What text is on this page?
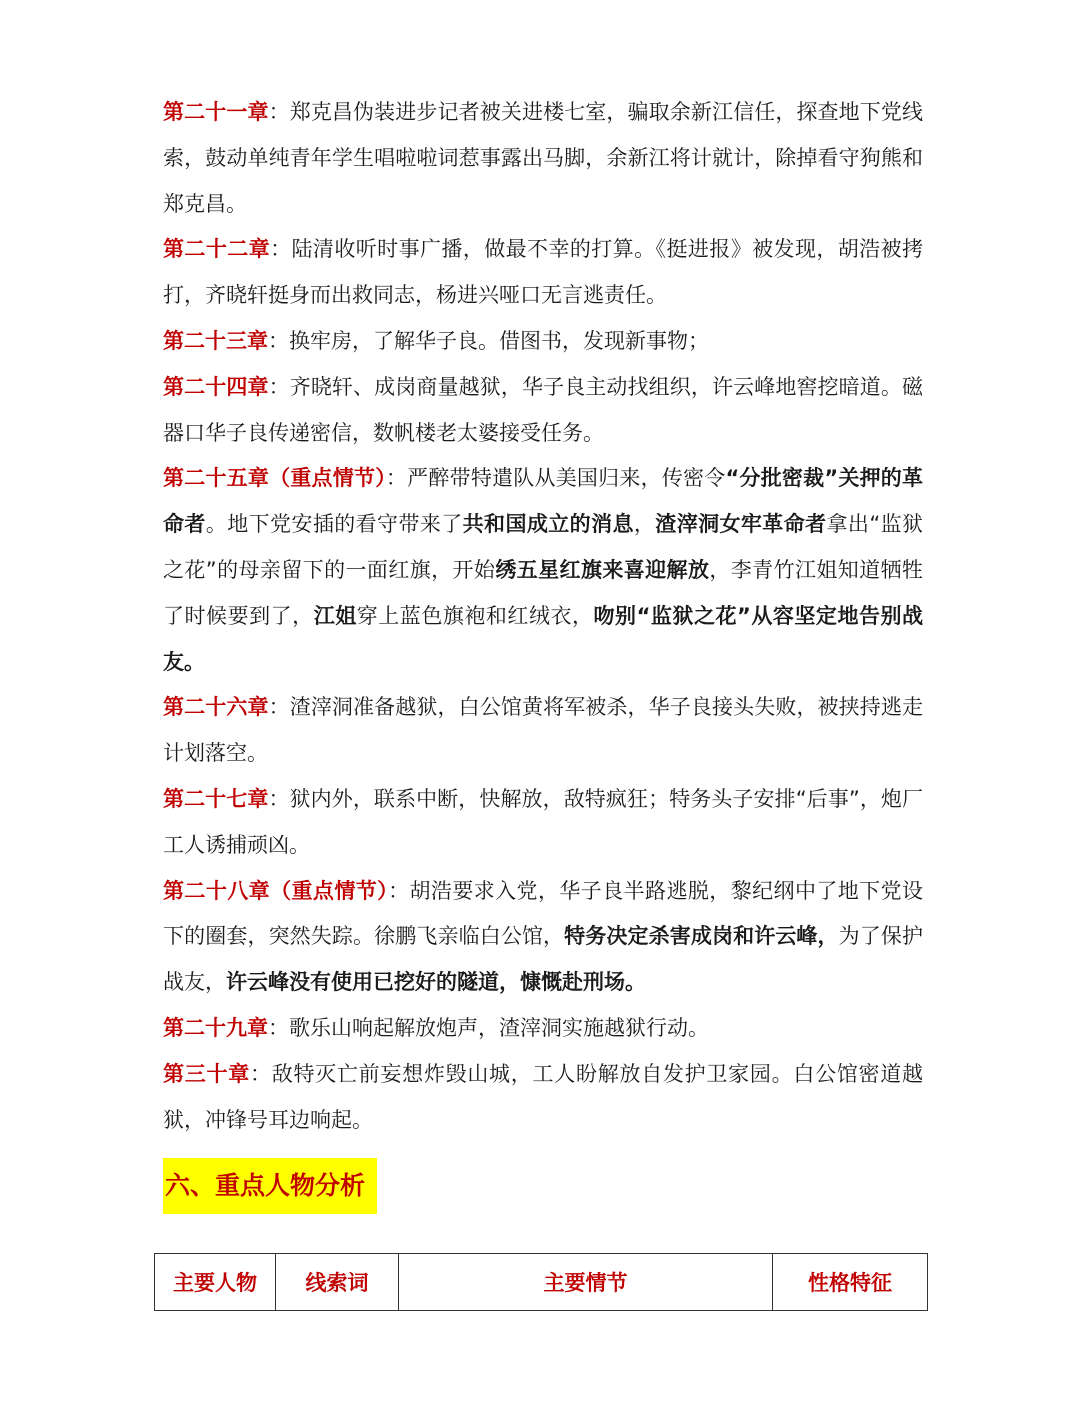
第二十一章：郑克昌伪装进步记者被关进楼七室，骗取余新江信任，探查地下党线索，鼓动单纯青年学生唱啦啦词惹事露出马脚，余新江将计就计，除掉看守狗熊和郑克昌。

第二十二章：陆清收听时事广播，做最不幸的打算。《挺进报》被发现，胡浩被拷打，齐晓轩挺身而出救同志，杨进兴哑口无言逃责任。

第二十三章：换牢房，了解华子良。借图书，发现新事物；

第二十四章：齐晓轩、成岗商量越狱，华子良主动找组织，许云峰地窖挖暗道。磁器口华子良传递密信，数帆楼老太婆接受任务。

第二十五章（重点情节）：严醉带特遣队从美国归来，传密令“分批密裁”关押的革命者。地下党安插的看守带来了共和国成立的消息，渣滓洞女牢革命者拿出“监狱之花”的母亲留下的一面红旗，开始绣五星红旗来喜迎解放，李青竹江姐知道牺牲了时候要到了，江姐穿上蓝色旗袍和红绒衣，吻别“监狱之花”从容坚定地告别战友。

第二十六章：渣滓洞准备越狱，白公馆黄将军被杀，华子良接头失败，被挟持逃走计划落空。

第二十七章：狱内外，联系中断，快解放，敌特疯狂；特务头子安排“后事”，炮厂工人诱捕顽凶。

第二十八章（重点情节）：胡浩要求入党，华子良半路逃脱，黎纪纲中了地下党设下的圈套，突然失踪。徐鹏飞亲临白公馆，特务决定杀害成岗和许云峰，为了保护战友，许云峰没有使用已挖好的隧道，慷慨赴刑场。

第二十九章：歌乐山响起解放炮声，渣滓洞实施越狱行动。

第三十章：敌特灭亡前妄想炸毁山城，工人盼解放自发护卫家园。白公馆密道越狱，冲锋号耳边响起。

六、重点人物分析
主要人物	线索词	主要情节	性格特征
